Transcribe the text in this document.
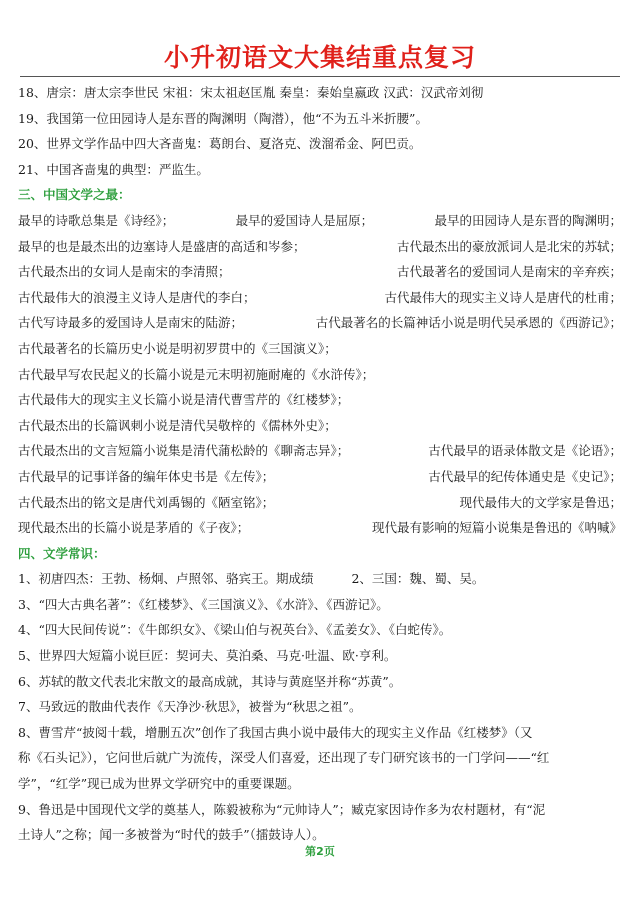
小升初语文大集结重点复习
18、唐宗：唐太宗李世民 宋祖：宋太祖赵匡胤 秦皇：秦始皇嬴政 汉武：汉武帝刘彻
19、我国第一位田园诗人是东晋的陶渊明（陶潜），他“不为五斗米折腰”。
20、世界文学作品中四大吝啬鬼：葛朗台、夏洛克、泼溜希金、阿巴贡。
21、中国吝啬鬼的典型：严监生。
三、中国文学之最：
最早的诗歌总集是《诗经》；	最早的爱国诗人是屈原；	最早的田园诗人是东晋的陶渊明；
最早的也是最杰出的边塞诗人是盛唐的高适和岑参；	古代最杰出的豪放派词人是北宋的苏轼；
古代最杰出的女词人是南宋的李清照；	古代最著名的爱国词人是南宋的辛弃疾；
古代最伟大的浪漫主义诗人是唐代的李白；	古代最伟大的现实主义诗人是唐代的杜甫；
古代写诗最多的爱国诗人是南宋的陆游；	古代最著名的长篇神话小说是明代吴承恩的《西游记》；
古代最著名的长篇历史小说是明初罗贯中的《三国演义》；
古代最早写农民起义的长篇小说是元末明初施耐庵的《水浒传》；
古代最伟大的现实主义长篇小说是清代曹雪芹的《红楼梦》；
古代最杰出的长篇讽刺小说是清代吴敬梓的《儒林外史》；
古代最杰出的文言短篇小说集是清代蒲松龄的《聊斋志异》；	古代最早的语录体散文是《论语》；
古代最早的记事详备的编年体史书是《左传》；	古代最早的纪传体通史是《史记》；
古代最杰出的铭文是唐代刘禹锡的《陋室铭》；	现代最伟大的文学家是鲁迅；
现代最杰出的长篇小说是茅盾的《子夜》；	现代最有影响的短篇小说集是鲁迅的《呐喊》
四、文学常识：
1、初唐四杰：王勃、杨炯、卢照邻、骆宾王。期成绩	2、三国：魏、蜀、吴。
3、“四大古典名著”：《红楼梦》、《三国演义》、《水浒》、《西游记》。
4、“四大民间传说”：《牛郎织女》、《梁山伯与祝英台》、《孟姜女》、《白蛇传》。
5、世界四大短篇小说巨匠：契诃夫、莫泊桑、马克·吐温、欧·亨利。
6、苏轼的散文代表北宋散文的最高成就，其诗与黄庭坚并称“苏黄”。
7、马致远的散曲代表作《天净沙·秋思》，被誉为“秋思之祖”。
8、曹雪芹“披阅十载，增删五次”创作了我国古典小说中最伟大的现实主义作品《红楼梦》（又
称《石头记》），它问世后就广为流传，深受人们喜爱，还出现了专门研究该书的一门学问——“红
学”，“红学”现已成为世界文学研究中的重要课题。
9、鲁迅是中国现代文学的奠基人，陈毅被称为“元帅诗人”；臧克家因诗作多为农村题材，有“泥
土诗人”之称；闻一多被誉为“时代的鼓手”（擂鼓诗人）。
第2页
